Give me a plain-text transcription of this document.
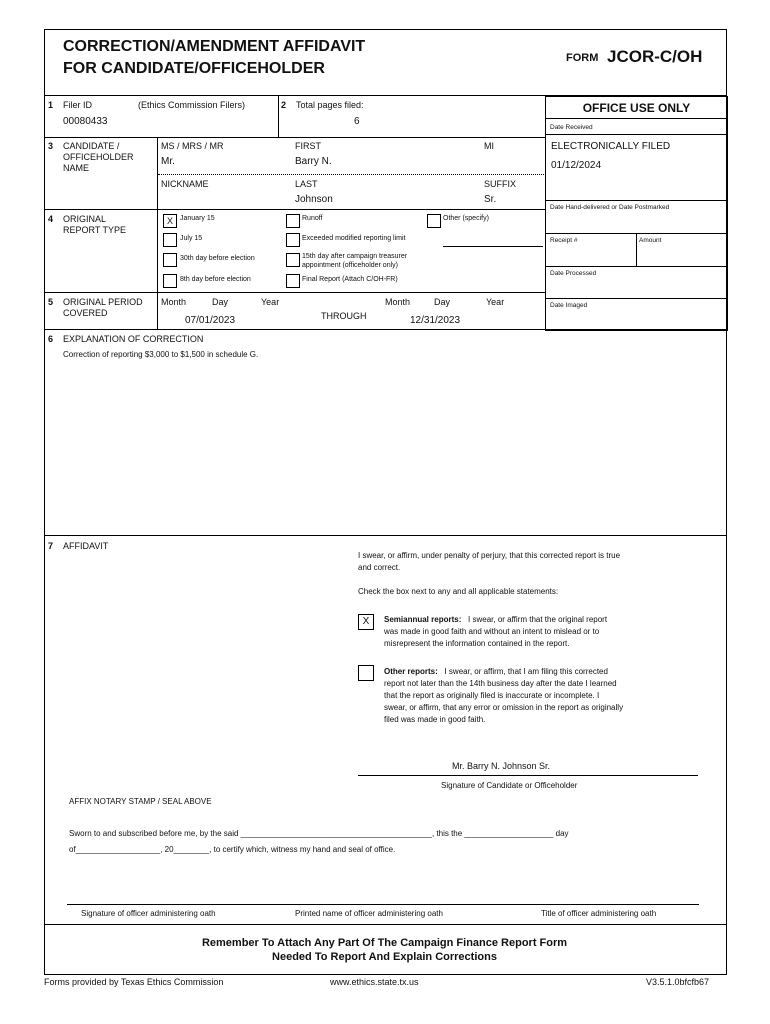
CORRECTION/AMENDMENT AFFIDAVIT
FOR CANDIDATE/OFFICEHOLDER
FORM JCOR-C/OH
1 Filer ID	(Ethics Commission Filers)
00080433
2 Total pages filed:
6
OFFICE USE ONLY
Date Received
ELECTRONICALLY FILED
01/12/2024
Date Hand-delivered or Date Postmarked
Receipt #	Amount
Date Processed
Date Imaged
3 CANDIDATE /
OFFICEHOLDER
NAME
MS / MRS / MR
Mr.
FIRST
Barry N.
MI
NICKNAME	LAST
Johnson
SUFFIX
Sr.
4 ORIGINAL
REPORT TYPE
X	January 15	Runoff	Other (specify)
July 15	Exceeded modified reporting limit
30th day before election	15th day after campaign treasurer
appointment (officeholder only)
8th day before election	Final Report (Attach C/OH-FR)
5 ORIGINAL PERIOD
COVERED
Month	Day	Year
07/01/2023	THROUGH
Month	Day	Year
12/31/2023
6 EXPLANATION OF CORRECTION
Correction of reporting $3,000 to $1,500 in schedule G.
7 AFFIDAVIT
I swear, or affirm, under penalty of perjury, that this corrected report is true
and correct.
Check the box next to any and all applicable statements:
X	Semiannual reports: I swear, or affirm that the original report
was made in good faith and without an intent to mislead or to
misrepresent the information contained in the report.
Other reports: I swear, or affirm, that I am filing this corrected
report not later than the 14th business day after the date I learned
that the report as originally filed is inaccurate or incomplete. I
swear, or affirm, that any error or omission in the report as originally
filed was made in good faith.
Mr. Barry N. Johnson Sr.
Signature of Candidate or Officeholder
AFFIX NOTARY STAMP / SEAL ABOVE
Sworn to and subscribed before me, by the said ___________________________________________, this the ____________________ day
of___________________, 20________, to certify which, witness my hand and seal of office.
Signature of officer administering oath	Printed name of officer administering oath	Title of officer administering oath
Remember To Attach Any Part Of The Campaign Finance Report Form
Needed To Report And Explain Corrections
Forms provided by Texas Ethics Commission	www.ethics.state.tx.us	V3.5.1.0bfcfb67
